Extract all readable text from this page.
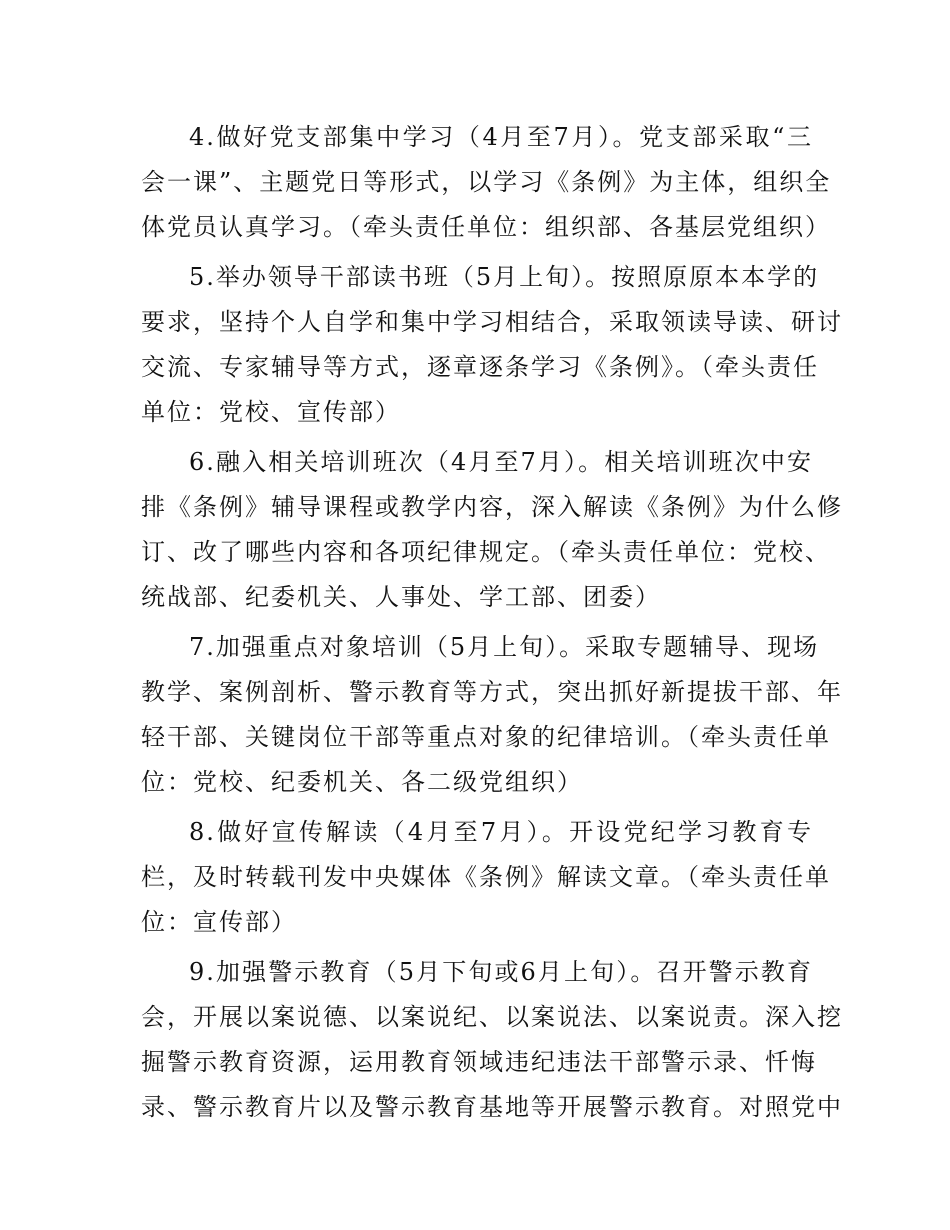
4.做好党支部集中学习（4月至7月）。党支部采取“三
会一课”、主题党日等形式，以学习《条例》为主体，组织全
体党员认真学习。（牵头责任单位：组织部、各基层党组织）
5.举办领导干部读书班（5月上旬）。按照原原本本学的
要求，坚持个人自学和集中学习相结合，采取领读导读、研讨
交流、专家辅导等方式，逐章逐条学习《条例》。（牵头责任
单位：党校、宣传部）
6.融入相关培训班次（4月至7月）。相关培训班次中安
排《条例》辅导课程或教学内容，深入解读《条例》为什么修
订、改了哪些内容和各项纪律规定。（牵头责任单位：党校、
统战部、纪委机关、人事处、学工部、团委）
7.加强重点对象培训（5月上旬）。采取专题辅导、现场
教学、案例剖析、警示教育等方式，突出抓好新提拔干部、年
轻干部、关键岗位干部等重点对象的纪律培训。（牵头责任单
位：党校、纪委机关、各二级党组织）
8.做好宣传解读（4月至7月）。开设党纪学习教育专
栏，及时转载刊发中央媒体《条例》解读文章。（牵头责任单
位：宣传部）
9.加强警示教育（5月下旬或6月上旬）。召开警示教育
会，开展以案说德、以案说纪、以案说法、以案说责。深入挖
掘警示教育资源，运用教育领域违纪违法干部警示录、忏悔
录、警示教育片以及警示教育基地等开展警示教育。对照党中
